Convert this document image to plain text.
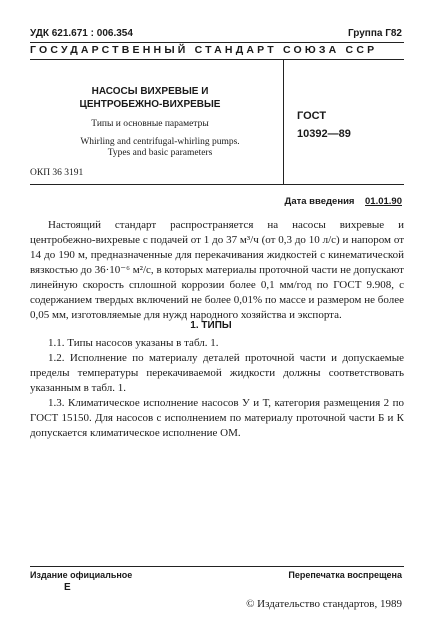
УДК 621.671 : 006.354	Группа Г82
ГОСУДАРСТВЕННЫЙ СТАНДАРТ СОЮЗА ССР
НАСОСЫ ВИХРЕВЫЕ И
ЦЕНТРОБЕЖНО-ВИХРЕВЫЕ
Типы и основные параметры
Whirling and centrifugal-whirling pumps.
Types and basic parameters
ОКП 36 3191
ГОСТ
10392—89
Дата введения 01.01.90

Настоящий стандарт распространяется на насосы вихревые и центробежно-вихревые с подачей от 1 до 37 м³/ч (от 0,3 до 10 л/с) и напором от 14 до 190 м, предназначенные для перекачивания жидкостей с кинематической вязкостью до 36·10⁻⁶ м²/с, в которых материалы проточной части не допускают линейную скорость сплошной коррозии более 0,1 мм/год по ГОСТ 9.908, с содержанием твердых включений не более 0,01% по массе и размером не более 0,05 мм, изготовляемые для нужд народного хозяйства и экспорта.

1. ТИПЫ

1.1. Типы насосов указаны в табл. 1.

1.2. Исполнение по материалу деталей проточной части и допускаемые пределы температуры перекачиваемой жидкости должны соответствовать указанным в табл. 1.

1.3. Климатическое исполнение насосов У и Т, категория размещения 2 по ГОСТ 15150. Для насосов с исполнением по материалу проточной части Б и К допускается климатическое исполнение ОМ.

Издание официальное
Е
Перепечатка воспрещена
© Издательство стандартов, 1989
